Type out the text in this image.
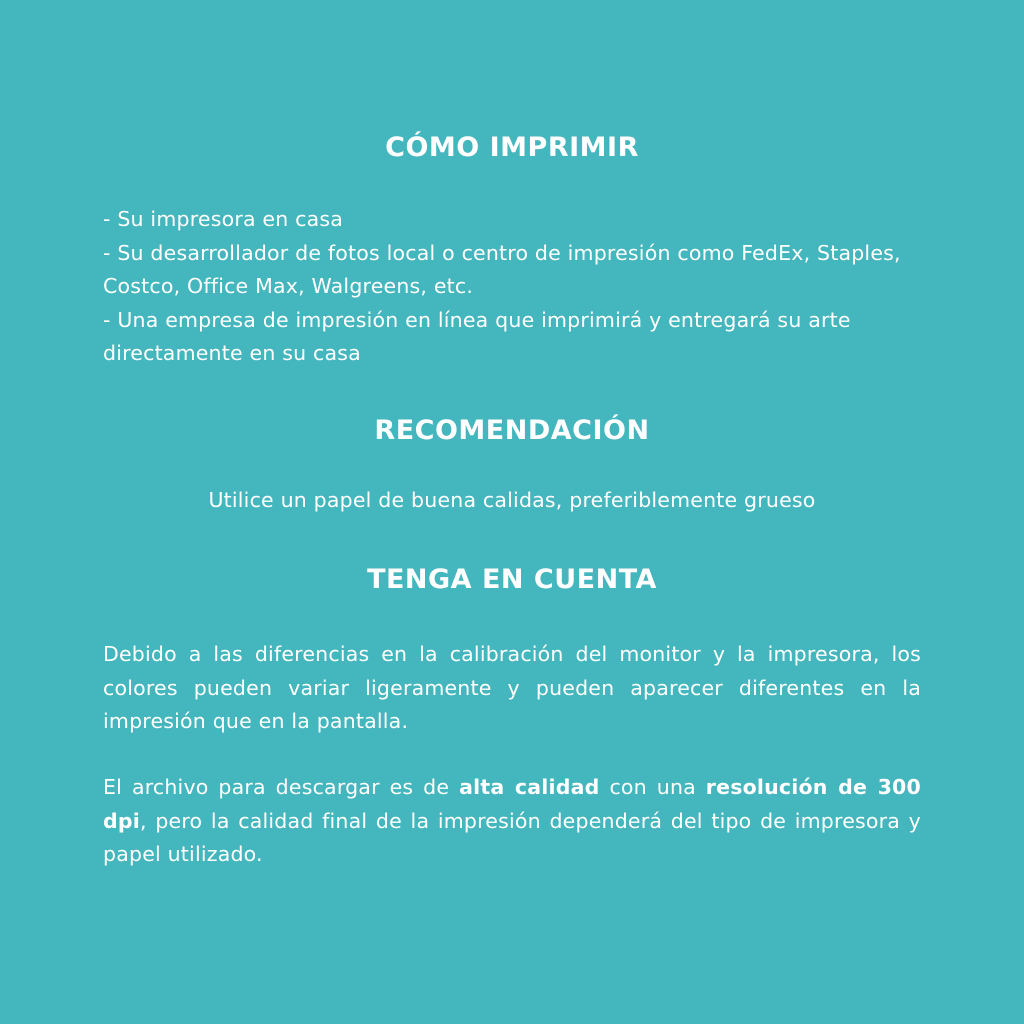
CÓMO IMPRIMIR
- Su impresora en casa
- Su desarrollador de fotos local o centro de impresión como FedEx, Staples, Costco, Office Max, Walgreens, etc.
- Una empresa de impresión en línea que imprimirá y entregará su arte directamente en su casa
RECOMENDACIÓN

Utilice un papel de buena calidas, preferiblemente grueso

TENGA EN CUENTA

Debido a las diferencias en la calibración del monitor y la impresora, los colores pueden variar ligeramente y pueden aparecer diferentes en la impresión que en la pantalla.

El archivo para descargar es de alta calidad con una resolución de 300 dpi, pero la calidad final de la impresión dependerá del tipo de impresora y papel utilizado.
